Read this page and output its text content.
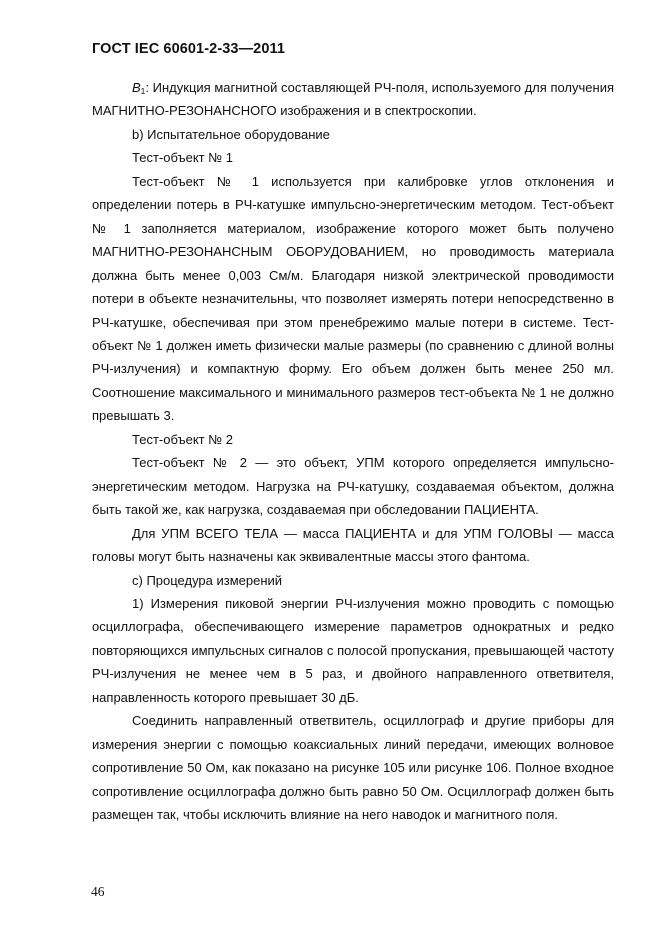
ГОСТ IEC 60601-2-33—2011

$B_1$: Индукция магнитной составляющей РЧ-поля, используемого для получения МАГНИТНО-РЕЗОНАНСНОГО изображения и в спектроскопии.

b) Испытательное оборудование

Тест-объект № 1

Тест-объект № 1 используется при калибровке углов отклонения и определении потерь в РЧ-катушке импульсно-энергетическим методом. Тест-объект № 1 заполняется материалом, изображение которого может быть получено МАГНИТНО-РЕЗОНАНСНЫМ ОБОРУДОВАНИЕМ, но проводимость материала должна быть менее 0,003 См/м. Благодаря низкой электрической проводимости потери в объекте незначительны, что позволяет измерять потери непосредственно в РЧ-катушке, обеспечивая при этом пренебрежимо малые потери в системе. Тест-объект № 1 должен иметь физически малые размеры (по сравнению с длиной волны РЧ-излучения) и компактную форму. Его объем должен быть менее 250 мл. Соотношение максимального и минимального размеров тест-объекта № 1 не должно превышать 3.

Тест-объект № 2

Тест-объект № 2 — это объект, УПМ которого определяется импульсно-энергетическим методом. Нагрузка на РЧ-катушку, создаваемая объектом, должна быть такой же, как нагрузка, создаваемая при обследовании ПАЦИЕНТА.

Для УПМ ВСЕГО ТЕЛА — масса ПАЦИЕНТА и для УПМ ГОЛОВЫ — масса головы могут быть назначены как эквивалентные массы этого фантома.

c) Процедура измерений

1) Измерения пиковой энергии РЧ-излучения можно проводить с помощью осциллографа, обеспечивающего измерение параметров однократных и редко повторяющихся импульсных сигналов с полосой пропускания, превышающей частоту РЧ-излучения не менее чем в 5 раз, и двойного направленного ответвителя, направленность которого превышает 30 дБ.

Соединить направленный ответвитель, осциллограф и другие приборы для измерения энергии с помощью коаксиальных линий передачи, имеющих волновое сопротивление 50 Ом, как показано на рисунке 105 или рисунке 106. Полное входное сопротивление осциллографа должно быть равно 50 Ом. Осциллограф должен быть размещен так, чтобы исключить влияние на него наводок и магнитного поля.

46
